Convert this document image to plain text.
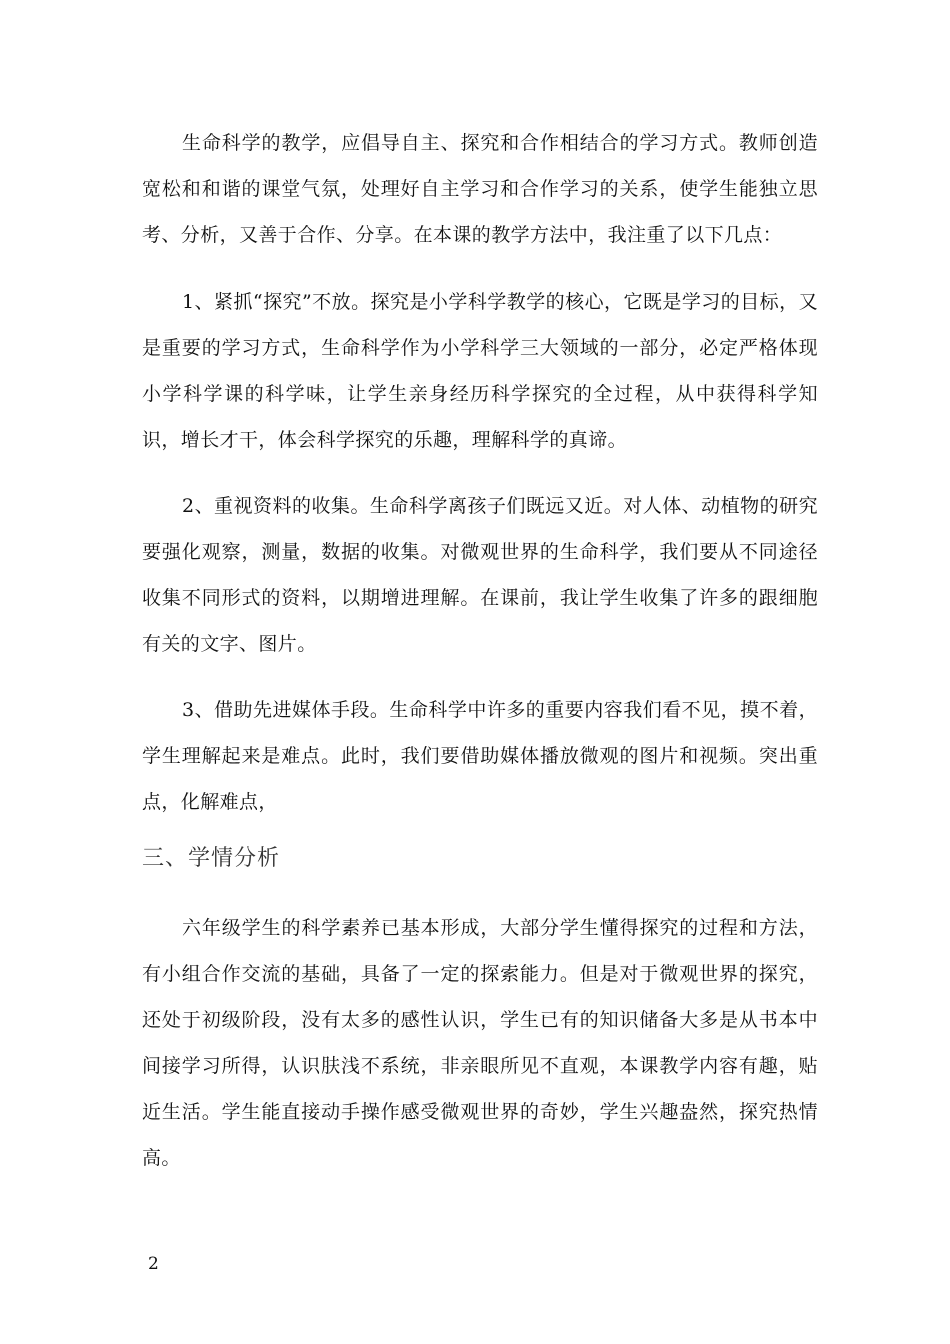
生命科学的教学，应倡导自主、探究和合作相结合的学习方式。教师创造宽松和和谐的课堂气氛，处理好自主学习和合作学习的关系，使学生能独立思考、分析，又善于合作、分享。在本课的教学方法中，我注重了以下几点：

1、紧抓“探究”不放。探究是小学科学教学的核心，它既是学习的目标，又是重要的学习方式，生命科学作为小学科学三大领域的一部分，必定严格体现小学科学课的科学味，让学生亲身经历科学探究的全过程，从中获得科学知识，增长才干，体会科学探究的乐趣，理解科学的真谛。

2、重视资料的收集。生命科学离孩子们既远又近。对人体、动植物的研究要强化观察，测量，数据的收集。对微观世界的生命科学，我们要从不同途径收集不同形式的资料，以期增进理解。在课前，我让学生收集了许多的跟细胞有关的文字、图片。

3、借助先进媒体手段。生命科学中许多的重要内容我们看不见，摸不着，学生理解起来是难点。此时，我们要借助媒体播放微观的图片和视频。突出重点，化解难点，

三、学情分析

六年级学生的科学素养已基本形成，大部分学生懂得探究的过程和方法，有小组合作交流的基础，具备了一定的探索能力。但是对于微观世界的探究，还处于初级阶段，没有太多的感性认识，学生已有的知识储备大多是从书本中间接学习所得，认识肤浅不系统，非亲眼所见不直观，本课教学内容有趣，贴近生活。学生能直接动手操作感受微观世界的奇妙，学生兴趣盎然，探究热情高。

2
